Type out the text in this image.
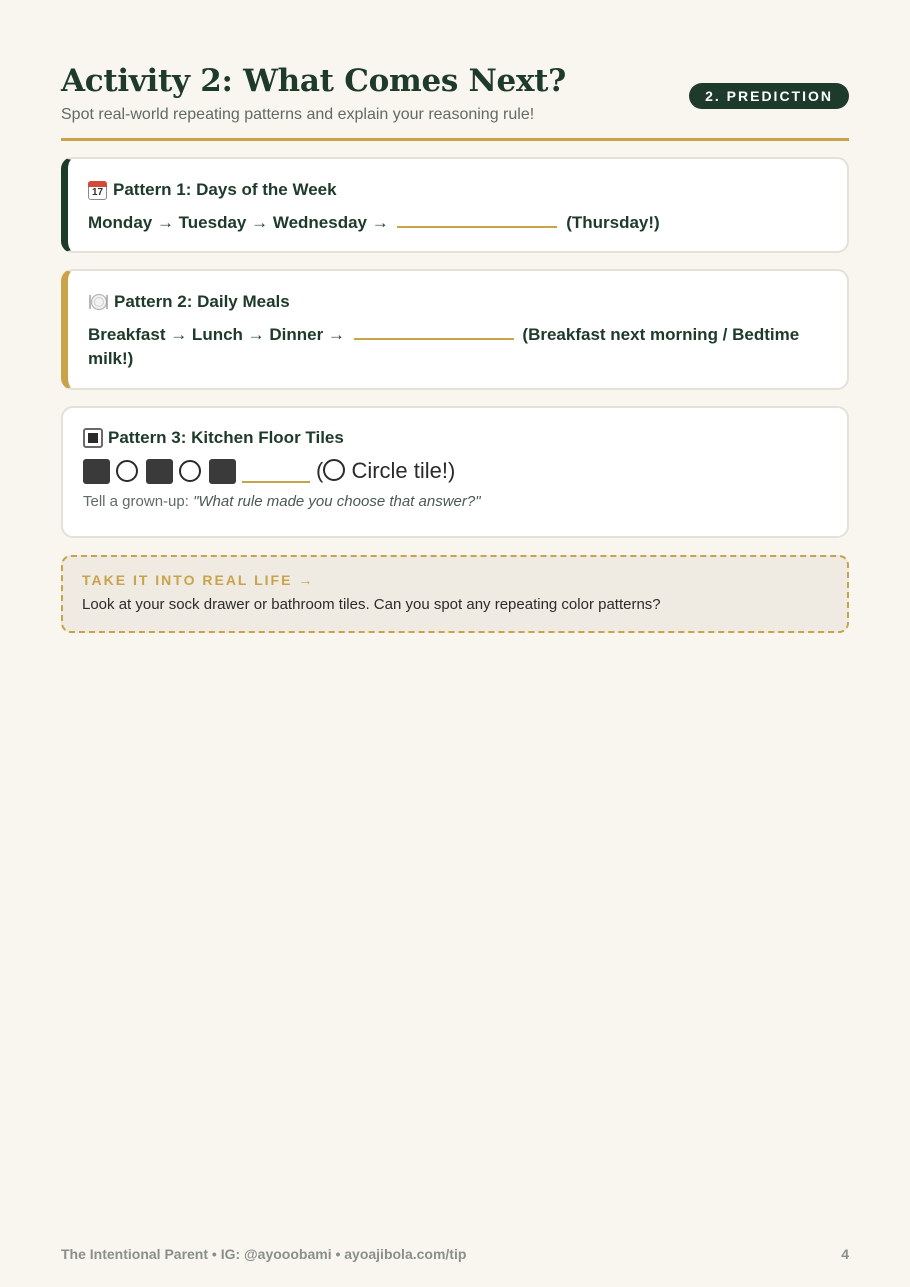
Activity 2: What Comes Next?
Spot real-world repeating patterns and explain your reasoning rule!
2. PREDICTION
17 Pattern 1: Days of the Week
Monday → Tuesday → Wednesday →	(Thursday!)
Pattern 2: Daily Meals
Breakfast → Lunch → Dinner →	(Breakfast next morning / Bedtime milk!)
Pattern 3: Kitchen Floor Tiles
( Circle tile!)
Tell a grown-up: "What rule made you choose that answer?"
TAKE IT INTO REAL LIFE →
Look at your sock drawer or bathroom tiles. Can you spot any repeating color patterns?
The Intentional Parent • IG: @ayooobami • ayoajibola.com/tip	4
